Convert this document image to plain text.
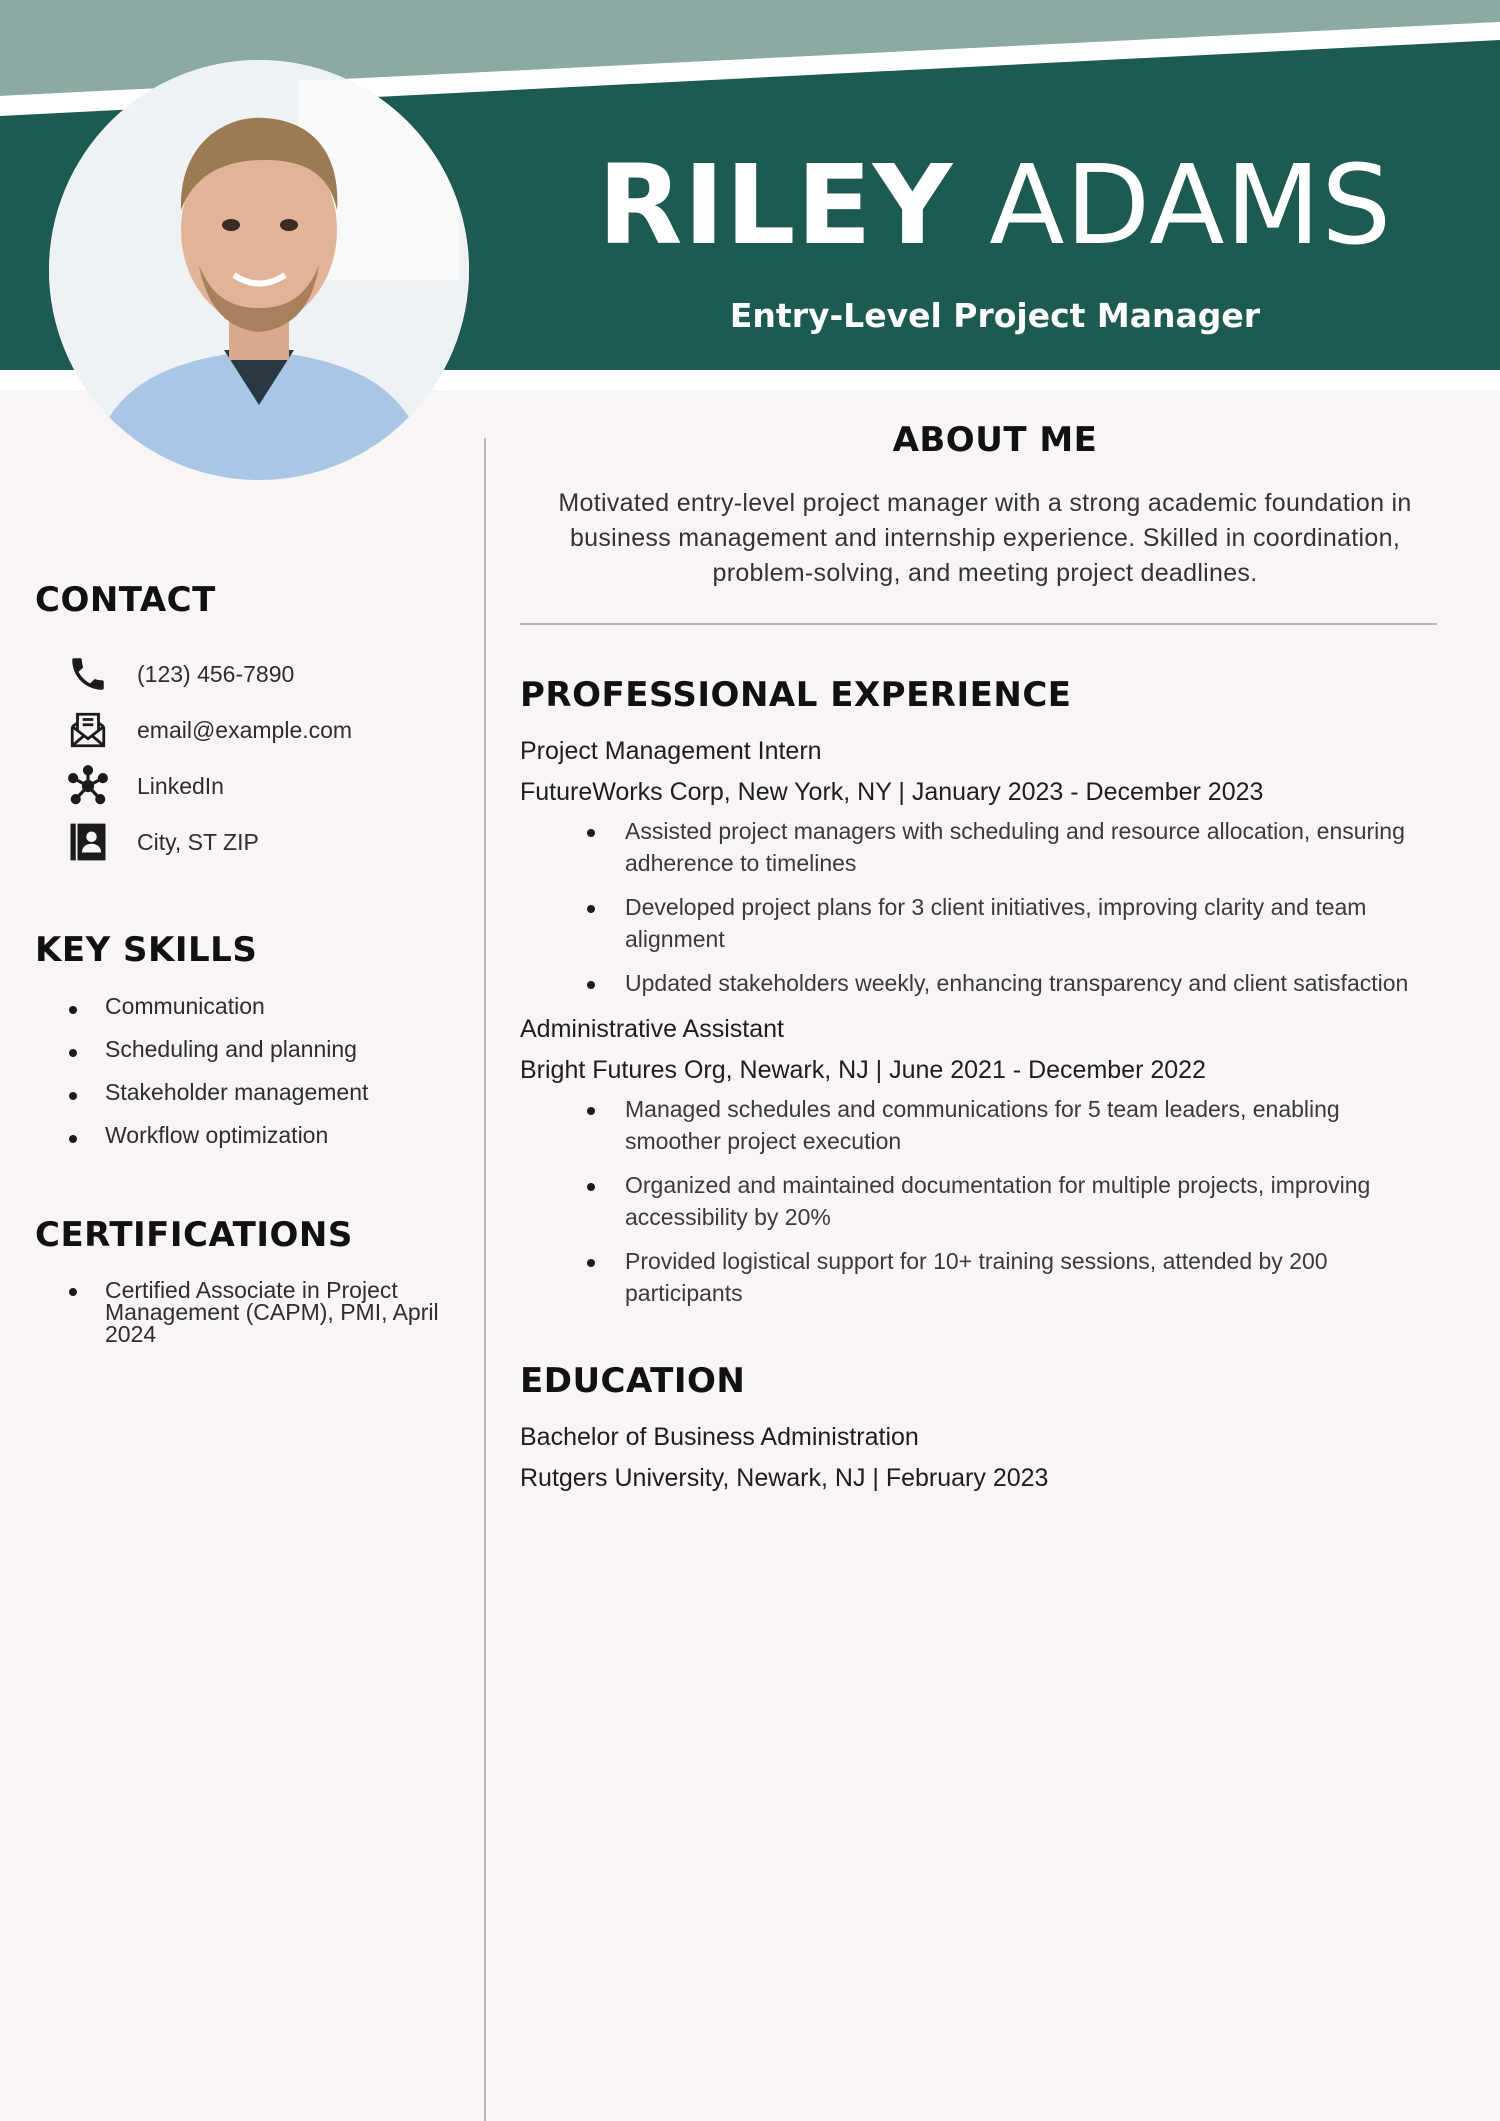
RILEY ADAMS
Entry-Level Project Manager
CONTACT
(123) 456-7890
email@example.com
LinkedIn
City, ST ZIP
KEY SKILLS
Communication
Scheduling and planning
Stakeholder management
Workflow optimization
CERTIFICATIONS
Certified Associate in Project Management (CAPM), PMI, April 2024
ABOUT ME

Motivated entry-level project manager with a strong academic foundation in business management and internship experience. Skilled in coordination, problem-solving, and meeting project deadlines.

PROFESSIONAL EXPERIENCE

Project Management Intern

FutureWorks Corp, New York, NY | January 2023 - December 2023

Assisted project managers with scheduling and resource allocation, ensuring adherence to timelines
Developed project plans for 3 client initiatives, improving clarity and team alignment
Updated stakeholders weekly, enhancing transparency and client satisfaction

Administrative Assistant

Bright Futures Org, Newark, NJ | June 2021 - December 2022

Managed schedules and communications for 5 team leaders, enabling smoother project execution
Organized and maintained documentation for multiple projects, improving accessibility by 20%
Provided logistical support for 10+ training sessions, attended by 200 participants
EDUCATION

Bachelor of Business Administration

Rutgers University, Newark, NJ | February 2023
